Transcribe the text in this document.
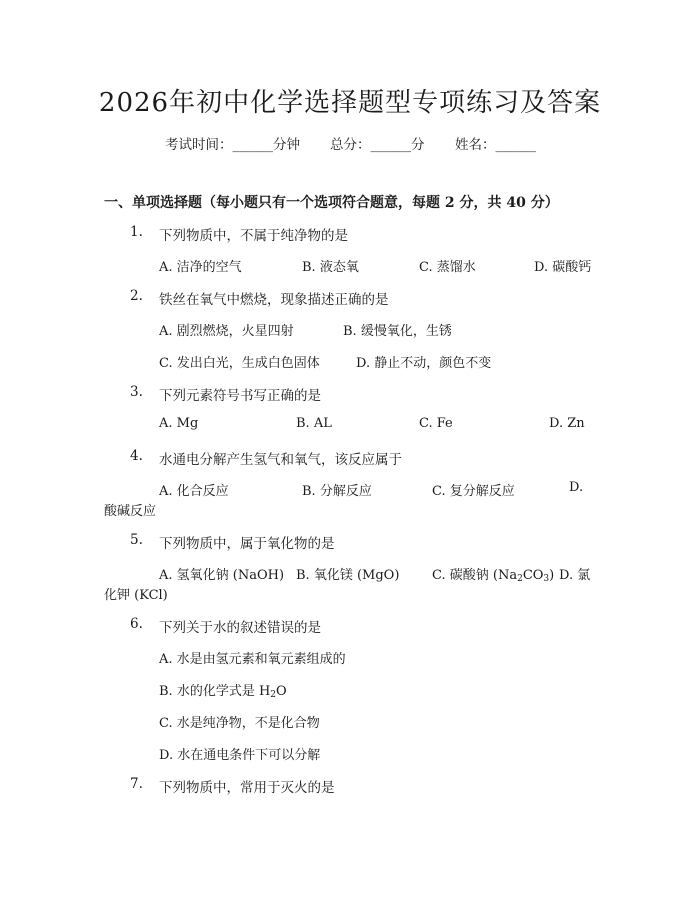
2026年初中化学选择题型专项练习及答案
考试时间：______分钟 总分：______分 姓名：______
一、单项选择题（每小题只有一个选项符合题意，每题 2 分，共 40 分）
1. 下列物质中，不属于纯净物的是
A. 洁净的空气	B. 液态氧	C. 蒸馏水	D. 碳酸钙
2. 铁丝在氧气中燃烧，现象描述正确的是
A. 剧烈燃烧，火星四射	B. 缓慢氧化，生锈
C. 发出白光，生成白色固体	D. 静止不动，颜色不变
3. 下列元素符号书写正确的是
A. Mg	B. AL	C. Fe	D. Zn
4. 水通电分解产生氢气和氧气，该反应属于
A. 化合反应	B. 分解反应	C. 复分解反应	D.
酸碱反应
5. 下列物质中，属于氧化物的是
A. 氢氧化钠 (NaOH) B. 氧化镁 (MgO)	C. 碳酸钠 $(Na_2CO_3)$ D. 氯
化钾 (KCl)
6. 下列关于水的叙述错误的是
A. 水是由氢元素和氧元素组成的
B. 水的化学式是 $H_2O$
C. 水是纯净物，不是化合物
D. 水在通电条件下可以分解
7. 下列物质中，常用于灭火的是
